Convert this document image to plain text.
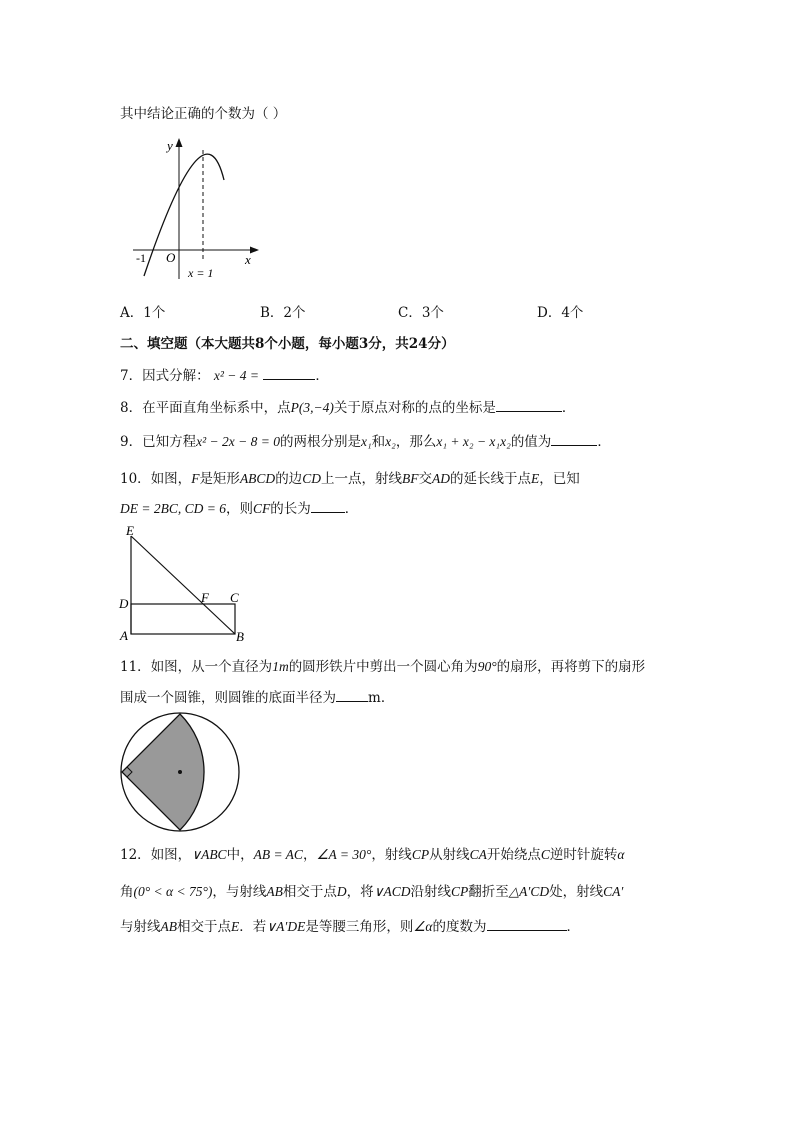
其中结论正确的个数为（ ）
y
x
O
-1
x = 1
A．1个	B．2个	C．3个	D．4个
二、填空题（本大题共8个小题，每小题3分，共24分）
7．因式分解： x² − 4 =	．
8．在平面直角坐标系中，点P(3,−4)关于原点对称的点的坐标是	．
9．已知方程x² − 2x − 8 = 0的两根分别是x₁和x₂，那么x₁ + x₂ − x₁x₂的值为	．
10．如图，F是矩形ABCD的边CD上一点，射线BF交AD的延长线于点E，已知
DE = 2BC, CD = 6，则CF的长为	．
E
D	F C
A	B
11．如图，从一个直径为1m的圆形铁片中剪出一个圆心角为90°的扇形，再将剪下的扇形
围成一个圆锥，则圆锥的底面半径为 m．
12．如图，∨ABC中，AB = AC，∠A = 30°，射线CP从射线CA开始绕点C逆时针旋转α
角(0° < α < 75°)，与射线AB相交于点D，将∨ACD沿射线CP翻折至△A′CD处，射线CA′
与射线AB相交于点E．若∨A′DE是等腰三角形，则∠α的度数为	．
